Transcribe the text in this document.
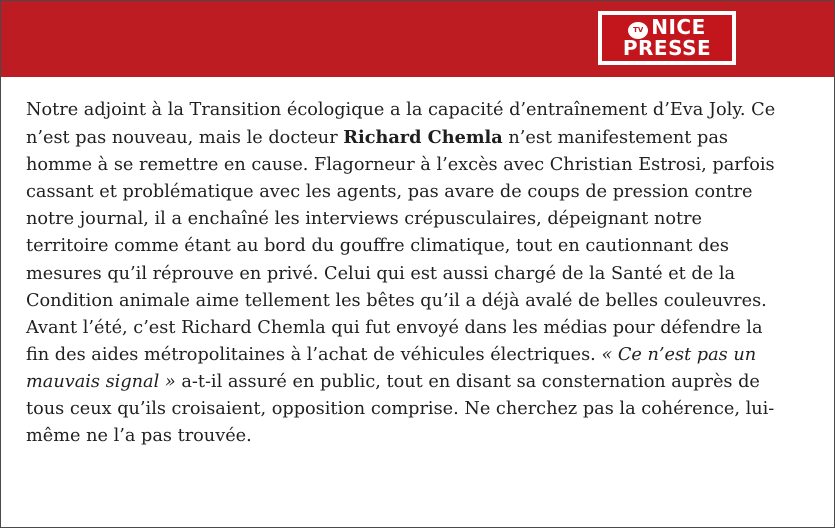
TV NICE
PRESSE

Notre adjoint à la Transition écologique a la capacité d’entraînement d’Eva Joly. Ce
n’est pas nouveau, mais le docteur Richard Chemla n’est manifestement pas
homme à se remettre en cause. Flagorneur à l’excès avec Christian Estrosi, parfois
cassant et problématique avec les agents, pas avare de coups de pression contre
notre journal, il a enchaîné les interviews crépusculaires, dépeignant notre
territoire comme étant au bord du gouffre climatique, tout en cautionnant des
mesures qu’il réprouve en privé. Celui qui est aussi chargé de la Santé et de la
Condition animale aime tellement les bêtes qu’il a déjà avalé de belles couleuvres.
Avant l’été, c’est Richard Chemla qui fut envoyé dans les médias pour défendre la
fin des aides métropolitaines à l’achat de véhicules électriques. « Ce n’est pas un
mauvais signal » a-t-il assuré en public, tout en disant sa consternation auprès de
tous ceux qu’ils croisaient, opposition comprise. Ne cherchez pas la cohérence, lui-
même ne l’a pas trouvée.
